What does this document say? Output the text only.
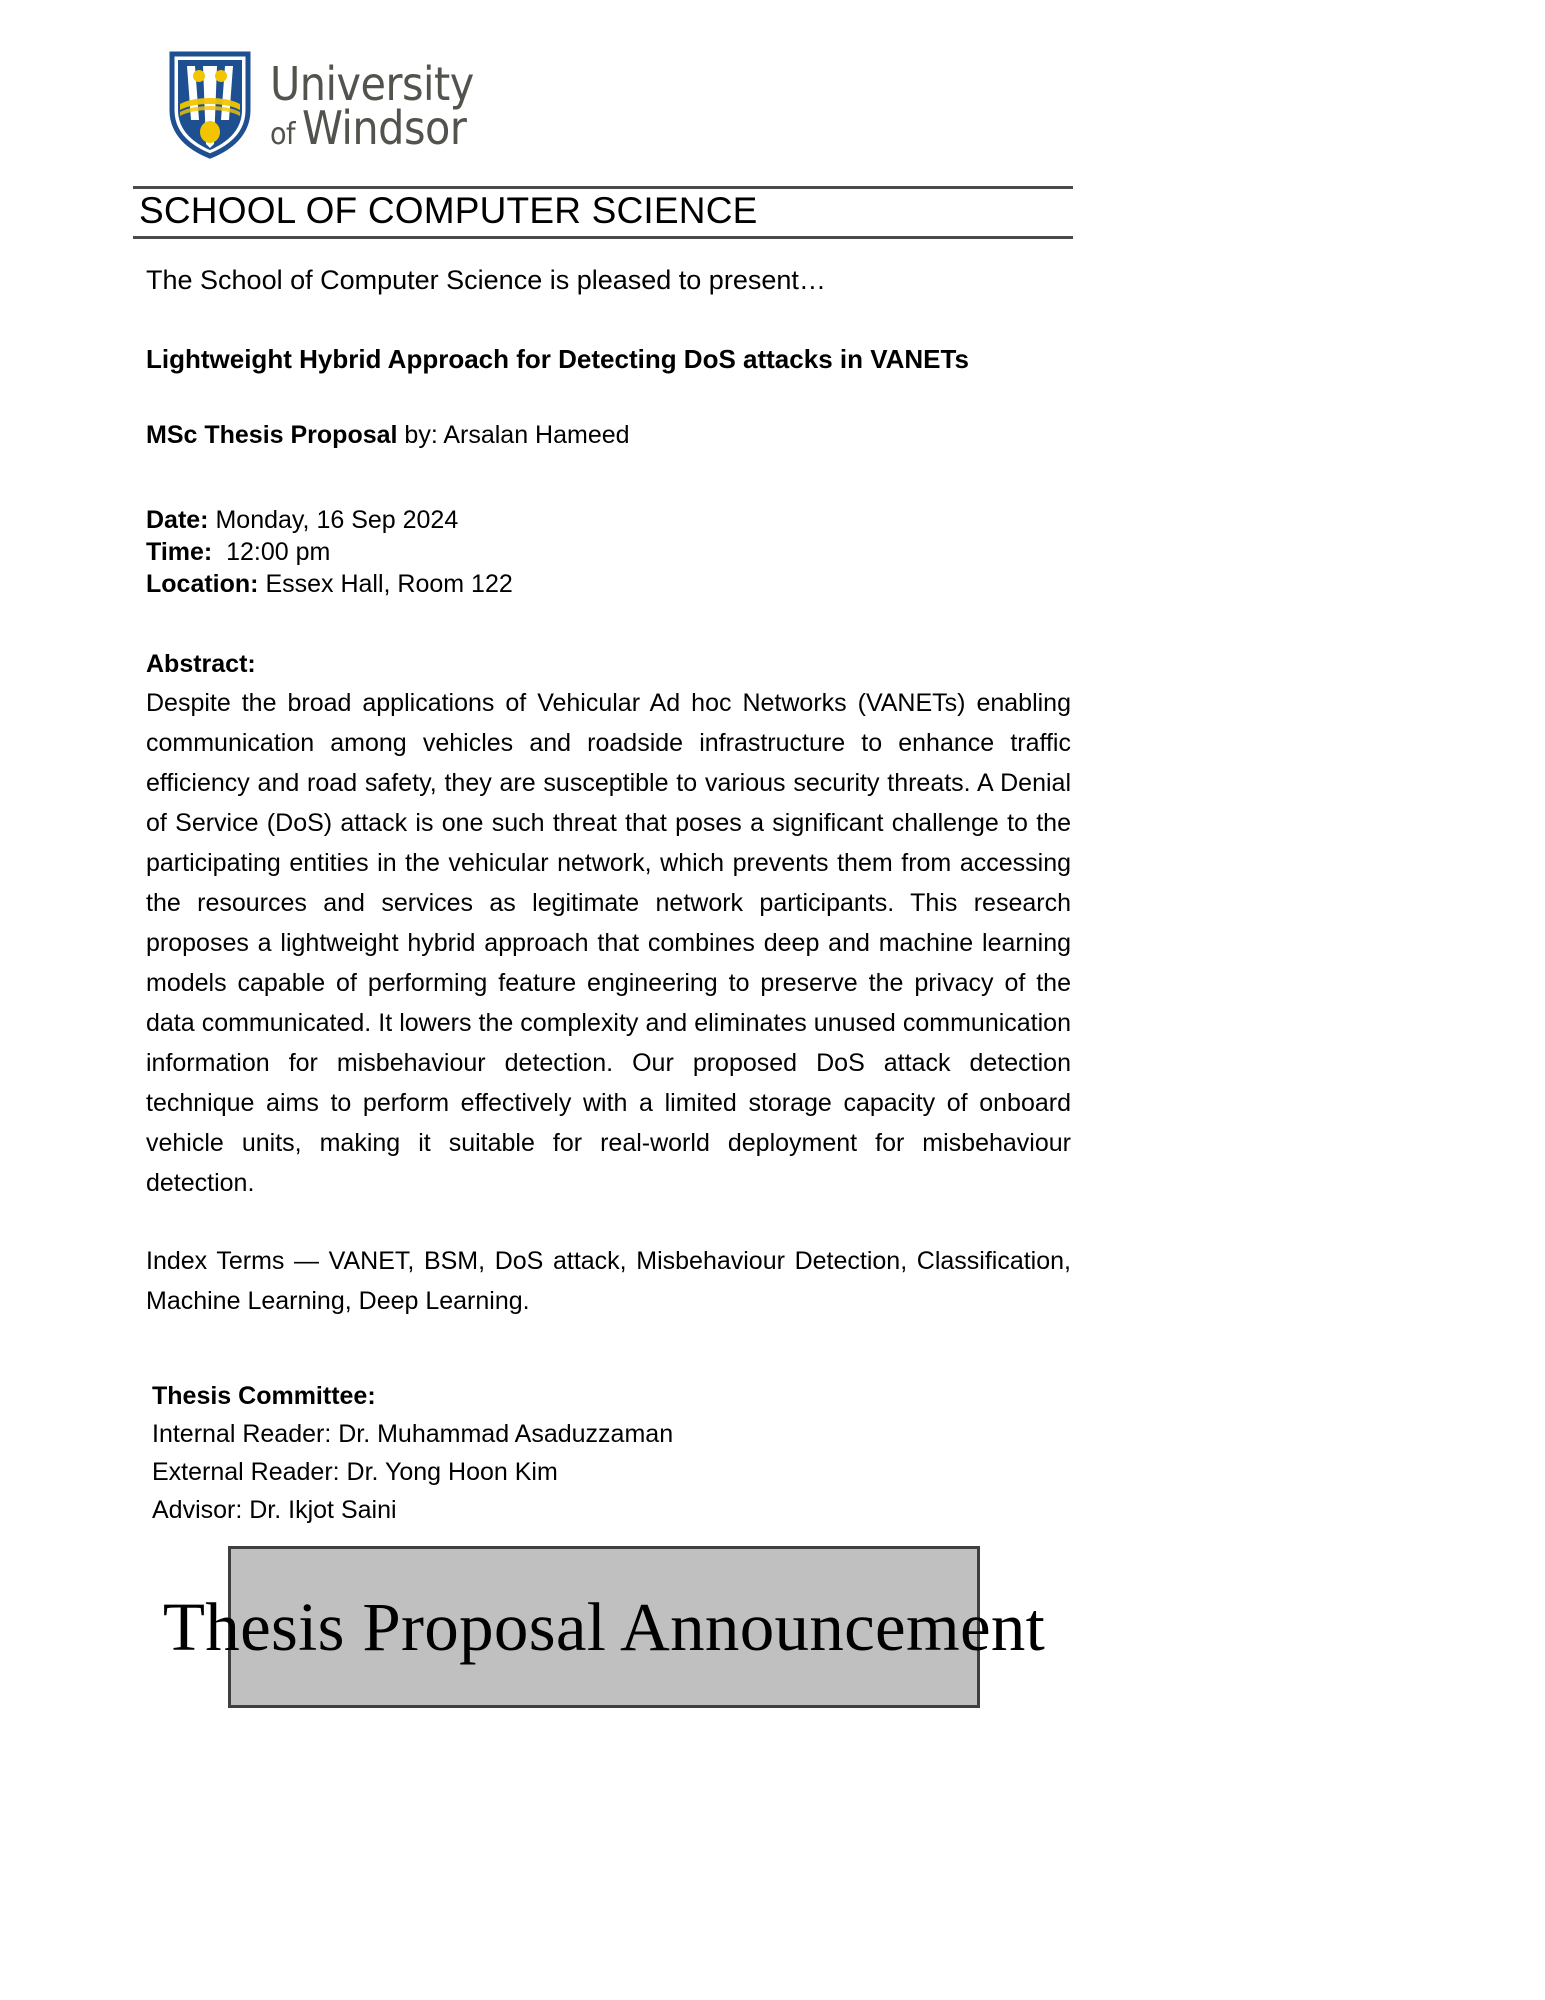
University
of Windsor
SCHOOL OF COMPUTER SCIENCE

The School of Computer Science is pleased to present…

Lightweight Hybrid Approach for Detecting DoS attacks in VANETs

MSc Thesis Proposal by: Arsalan Hameed

Date: Monday, 16 Sep 2024
Time:  12:00 pm
Location: Essex Hall, Room 122

Abstract:

Despite the broad applications of Vehicular Ad hoc Networks (VANETs) enabling communication among vehicles and roadside infrastructure to enhance traffic efficiency and road safety, they are susceptible to various security threats. A Denial of Service (DoS) attack is one such threat that poses a significant challenge to the participating entities in the vehicular network, which prevents them from accessing the resources and services as legitimate network participants. This research proposes a lightweight hybrid approach that combines deep and machine learning models capable of performing feature engineering to preserve the privacy of the data communicated. It lowers the complexity and eliminates unused communication information for misbehaviour detection. Our proposed DoS attack detection technique aims to perform effectively with a limited storage capacity of onboard vehicle units, making it suitable for real-world deployment for misbehaviour detection.

Index Terms — VANET, BSM, DoS attack, Misbehaviour Detection, Classification, Machine Learning, Deep Learning.

Thesis Committee:

Internal Reader: Dr. Muhammad Asaduzzaman

External Reader: Dr. Yong Hoon Kim

Advisor: Dr. Ikjot Saini

Thesis Proposal Announcement
